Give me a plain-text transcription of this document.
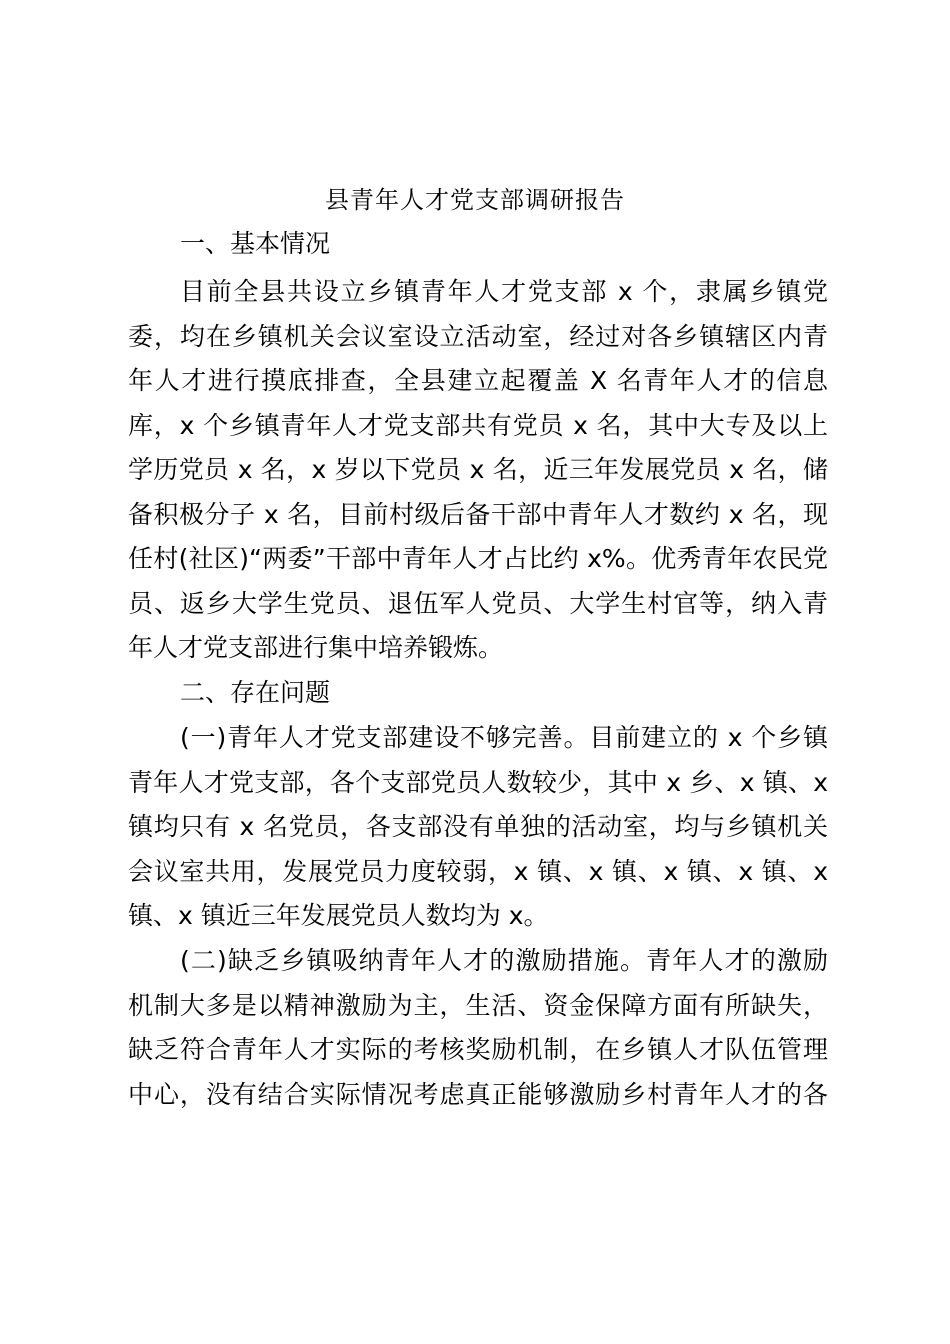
县青年人才党支部调研报告
一、基本情况
目前全县共设立乡镇青年人才党支部 x 个，隶属乡镇党
委，均在乡镇机关会议室设立活动室，经过对各乡镇辖区内青
年人才进行摸底排查，全县建立起覆盖 X 名青年人才的信息
库，x 个乡镇青年人才党支部共有党员 x 名，其中大专及以上
学历党员 x 名，x 岁以下党员 x 名，近三年发展党员 x 名，储
备积极分子 x 名，目前村级后备干部中青年人才数约 x 名，现
任村(社区)“两委”干部中青年人才占比约 x%。优秀青年农民党
员、返乡大学生党员、退伍军人党员、大学生村官等，纳入青
年人才党支部进行集中培养锻炼。
二、存在问题
(一)青年人才党支部建设不够完善。目前建立的 x 个乡镇
青年人才党支部，各个支部党员人数较少，其中 x 乡、x 镇、x
镇均只有 x 名党员，各支部没有单独的活动室，均与乡镇机关
会议室共用，发展党员力度较弱，x 镇、x 镇、x 镇、x 镇、x
镇、x 镇近三年发展党员人数均为 x。
(二)缺乏乡镇吸纳青年人才的激励措施。青年人才的激励
机制大多是以精神激励为主，生活、资金保障方面有所缺失，
缺乏符合青年人才实际的考核奖励机制，在乡镇人才队伍管理
中心，没有结合实际情况考虑真正能够激励乡村青年人才的各
